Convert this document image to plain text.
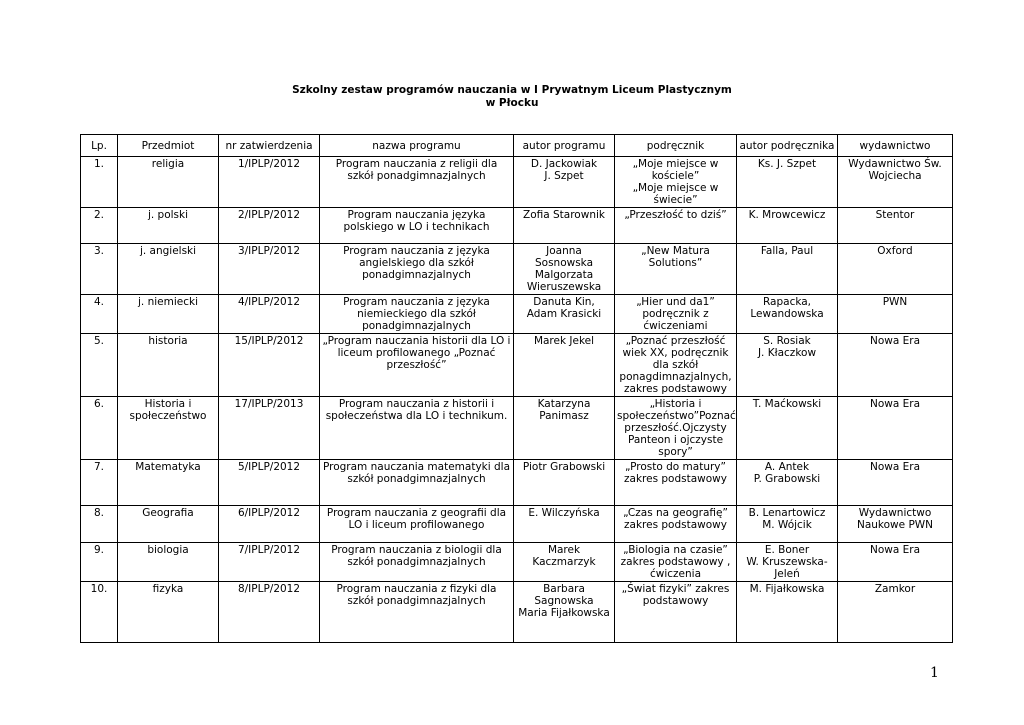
Szkolny zestaw programów nauczania w I Prywatnym Liceum Plastycznym
w Płocku
Lp.	Przedmiot	nr zatwierdzenia	nazwa programu	autor programu	podręcznik	autor podręcznika	wydawnictwo
1.	religia	1/IPLP/2012	Program nauczania z religii dla
szkół ponadgimnazjalnych	D. Jackowiak
J. Szpet	„Moje miejsce w
kościele”
„Moje miejsce w
świecie”	Ks. J. Szpet	Wydawnictwo Św.
Wojciecha

2.	j. polski	2/IPLP/2012	Program nauczania języka
polskiego w LO i technikach	Zofia Starownik	„Przeszłość to dziś”	K. Mrowcewicz	Stentor

3.	j. angielski	3/IPLP/2012	Program nauczania z języka
angielskiego dla szkół
ponadgimnazjalnych	Joanna
Sosnowska
Malgorzata
Wieruszewska	„New Matura
Solutions”	Falla, Paul	Oxford

4.	j. niemiecki	4/IPLP/2012	Program nauczania z języka
niemieckiego dla szkół
ponadgimnazjalnych	Danuta Kin,
Adam Krasicki	„Hier und da1”
podręcznik z
ćwiczeniami	Rapacka,
Lewandowska	PWN

5.	historia	15/IPLP/2012	„Program nauczania historii dla LO i
liceum profilowanego „Poznać
przeszłość”	Marek Jekel	„Poznać przeszłość
wiek XX, podręcznik
dla szkół
ponagdimnazjalnych,
zakres podstawowy	S. Rosiak
J. Kłaczkow	Nowa Era

6.	Historia i
społeczeństwo	17/IPLP/2013	Program nauczania z historii i
społeczeństwa dla LO i technikum.	Katarzyna
Panimasz	„Historia i
społeczeństwo”Poznać
przeszłość.Ojczysty
Panteon i ojczyste
spory”	T. Maćkowski	Nowa Era

7.	Matematyka	5/IPLP/2012	Program nauczania matematyki dla
szkół ponadgimnazjalnych	Piotr Grabowski	„Prosto do matury”
zakres podstawowy	A. Antek
P. Grabowski	Nowa Era

8.	Geografia	6/IPLP/2012	Program nauczania z geografii dla
LO i liceum profilowanego	E. Wilczyńska	„Czas na geografię”
zakres podstawowy	B. Lenartowicz
M. Wójcik	Wydawnictwo
Naukowe PWN

9.	biologia	7/IPLP/2012	Program nauczania z biologii dla
szkół ponadgimnazjalnych	Marek
Kaczmarzyk	„Biologia na czasie”
zakres podstawowy ,
ćwiczenia	E. Boner
W. Kruszewska-
Jeleń	Nowa Era

10.	fizyka	8/IPLP/2012	Program nauczania z fizyki dla
szkół ponadgimnazjalnych	Barbara
Sagnowska
Maria Fijałkowska	„Świat fizyki” zakres
podstawowy	M. Fijałkowska	Zamkor
1
